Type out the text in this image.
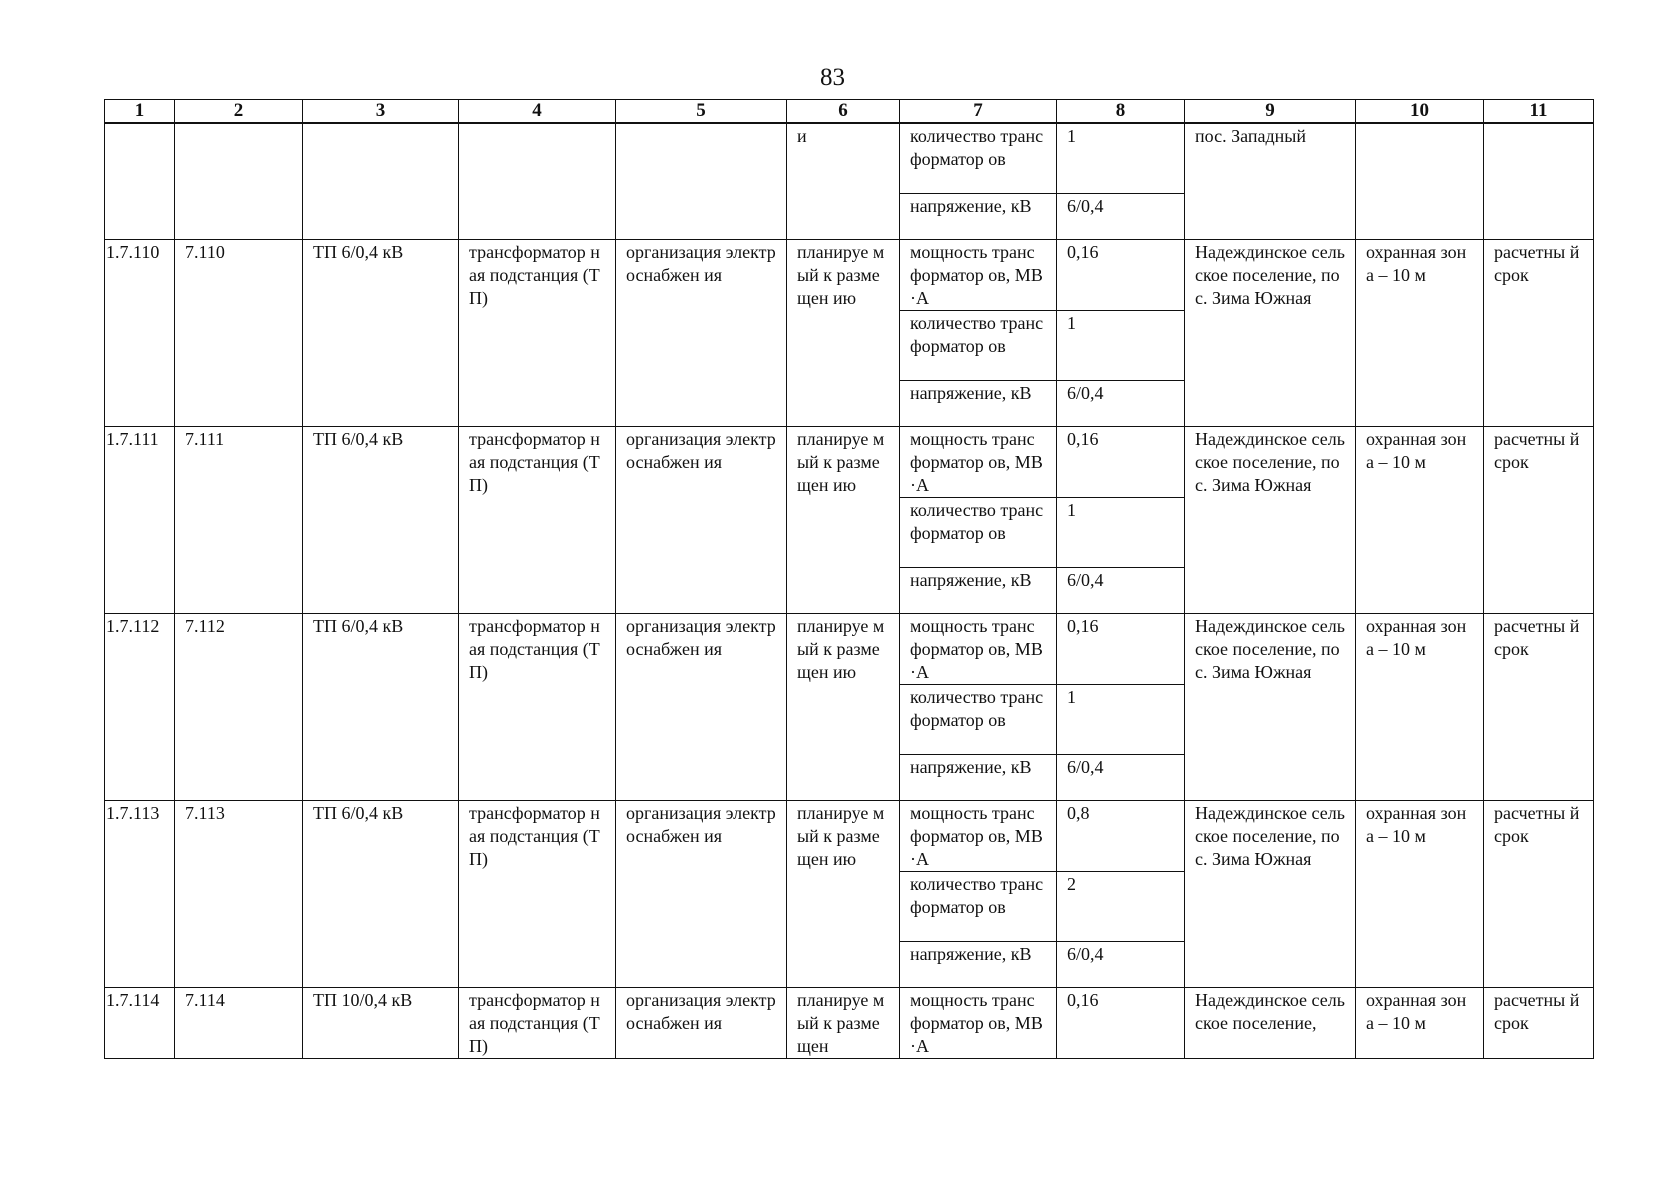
83
1	2	3	4	5	6	7	8	9	10	11
					и	количество трансформатор ов	1	пос. Западный		
						напряжение, кВ	6/0,4			
1.7.110	7.110	ТП 6/0,4 кВ	трансформатор ная подстанция (ТП)	организация электроснабжен ия	планируе мый к размещен ию	мощность трансформатор ов, МВ·А	0,16	Надеждинское сельское поселение, пос. Зима Южная	охранная зона – 10 м	расчетны й срок
						количество трансформатор ов	1			
						напряжение, кВ	6/0,4			
1.7.111	7.111	ТП 6/0,4 кВ	трансформатор ная подстанция (ТП)	организация электроснабжен ия	планируе мый к размещен ию	мощность трансформатор ов, МВ·А	0,16	Надеждинское сельское поселение, пос. Зима Южная	охранная зона – 10 м	расчетны й срок
						количество трансформатор ов	1			
						напряжение, кВ	6/0,4			
1.7.112	7.112	ТП 6/0,4 кВ	трансформатор ная подстанция (ТП)	организация электроснабжен ия	планируе мый к размещен ию	мощность трансформатор ов, МВ·А	0,16	Надеждинское сельское поселение, пос. Зима Южная	охранная зона – 10 м	расчетны й срок
						количество трансформатор ов	1			
						напряжение, кВ	6/0,4			
1.7.113	7.113	ТП 6/0,4 кВ	трансформатор ная подстанция (ТП)	организация электроснабжен ия	планируе мый к размещен ию	мощность трансформатор ов, МВ·А	0,8	Надеждинское сельское поселение, пос. Зима Южная	охранная зона – 10 м	расчетны й срок
						количество трансформатор ов	2			
						напряжение, кВ	6/0,4			
1.7.114	7.114	ТП 10/0,4 кВ	трансформатор ная подстанция (ТП)	организация электроснабжен ия	планируе мый к размещен	мощность трансформатор ов, МВ·А	0,16	Надеждинское сельское поселение,	охранная зона – 10 м	расчетны й срок
